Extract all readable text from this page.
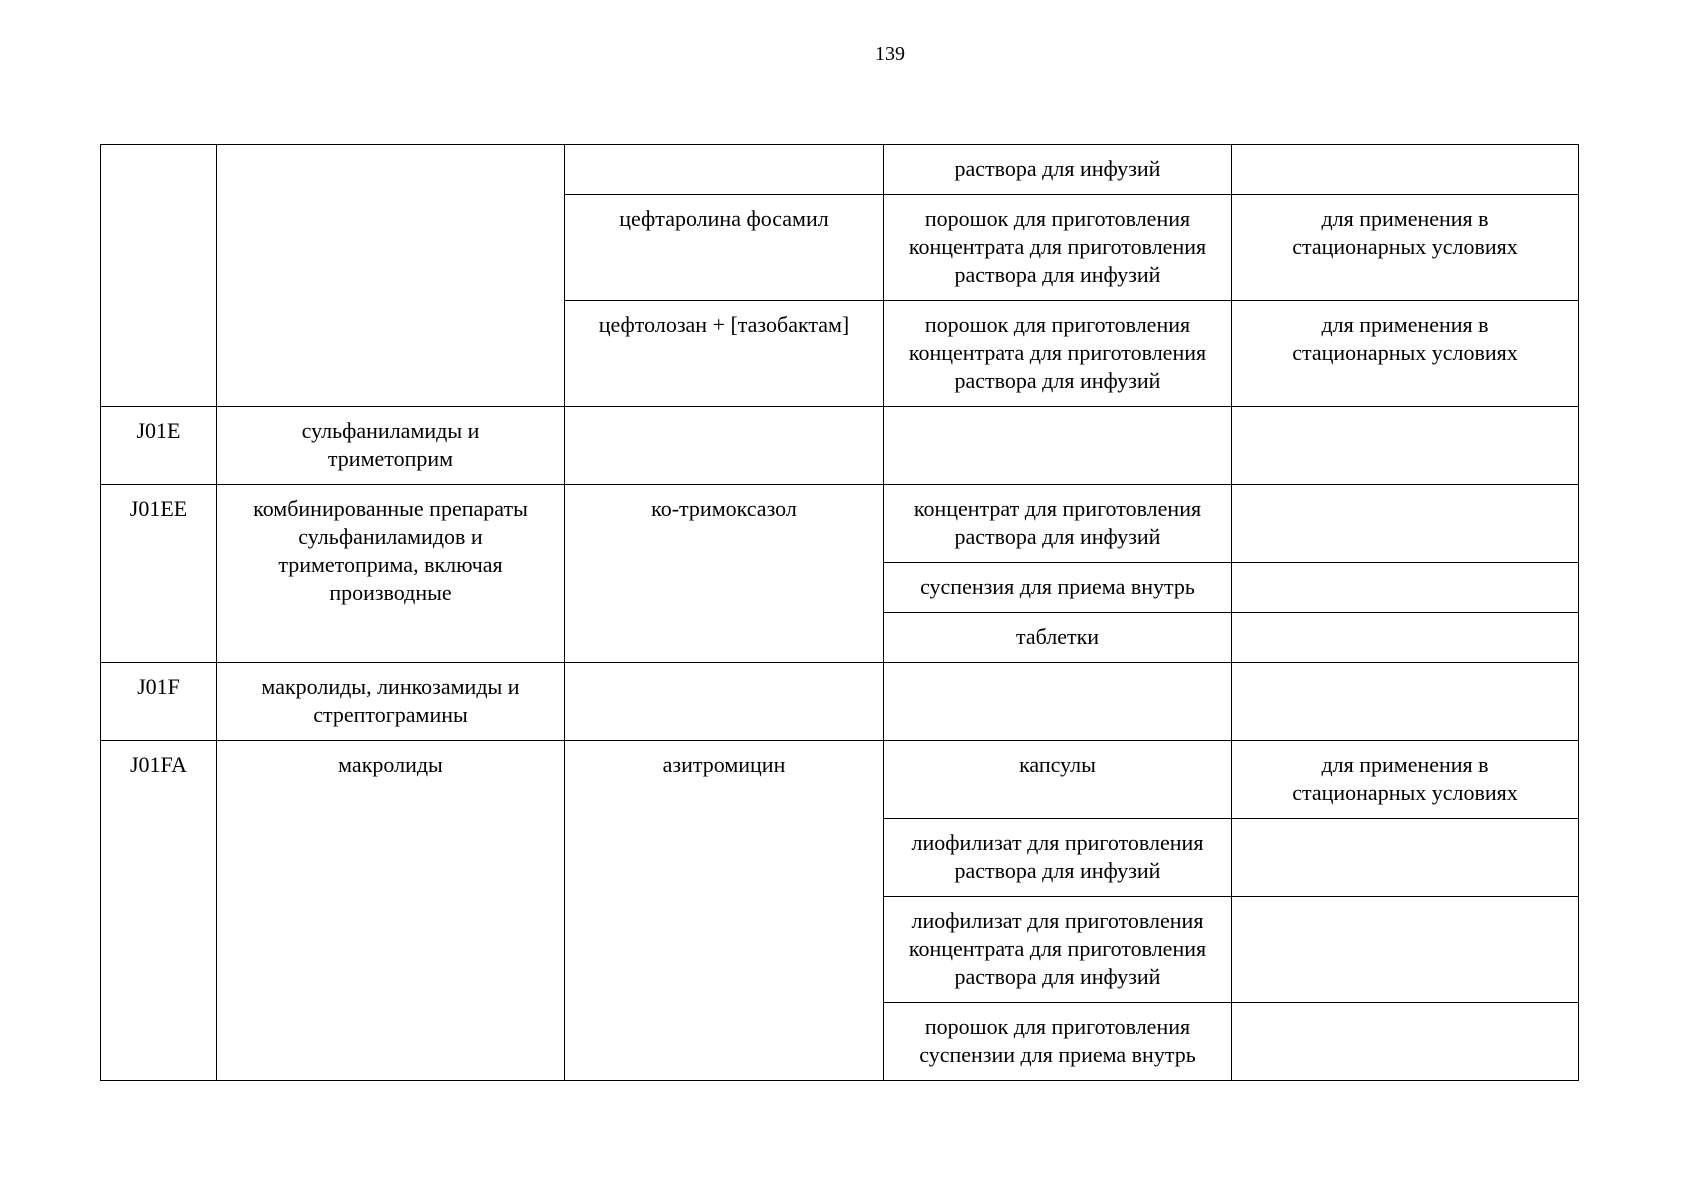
139

			раствора для инфузий	

		цефтаролина фосамил	порошок для приготовления
концентрата для приготовления
раствора для инфузий	для применения в
стационарных условиях

		цефтолозан + [тазобактам]	порошок для приготовления
концентрата для приготовления
раствора для инфузий	для применения в
стационарных условиях

J01E	сульфаниламиды и
триметоприм			

J01EE	комбинированные препараты
сульфаниламидов и
триметоприма, включая
производные	ко-тримоксазол	концентрат для приготовления
раствора для инфузий	

			суспензия для приема внутрь	

			таблетки	

J01F	макролиды, линкозамиды и
стрептограмины			

J01FA	макролиды	азитромицин	капсулы	для применения в
стационарных условиях

			лиофилизат для приготовления
раствора для инфузий	

			лиофилизат для приготовления
концентрата для приготовления
раствора для инфузий	

			порошок для приготовления
суспензии для приема внутрь	
